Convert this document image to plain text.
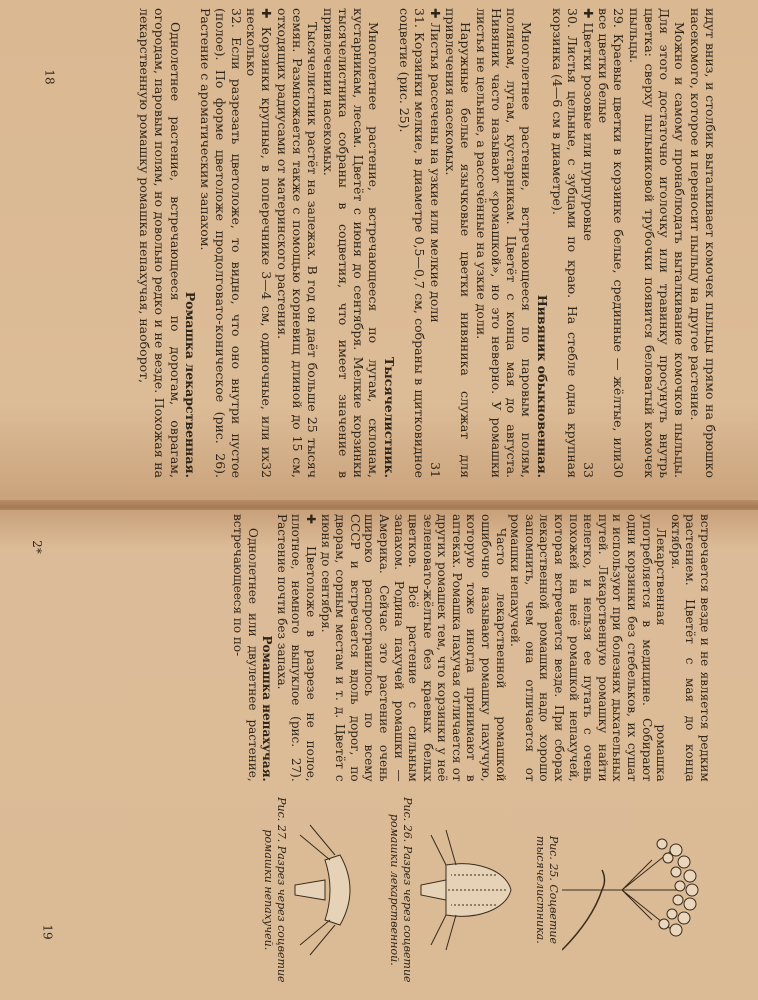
идут вниз, и столбик выталкивает комочек пыльцы прямо на брюшко насекомого, которое и переносит пыльцу на другое растение.

Можно и самому пронаблюдать выталкивание комочков пыльцы. Для этого достаточно иголочку или травинку просунуть внутрь цветка: сверху пыльниковой трубочки появится беловатый комочек пыльцы.

29. Краевые цветки в корзинке белые, срединные — жёлтые, или все цветки белые
30

✚ Цветки розовые или пурпуровые
33

30. Листья цельные, с зубцами по краю. На стебле одна крупная корзинка (4—6 см в диаметре).

Нивяник обыкновенная.

Многолетнее растение, встречающееся по паровым полям, полянам, лугам, кустарникам. Цветёт с конца мая до августа. Нивяник часто называют «ромашкой», но это неверно. У ромашки листья не цельные, а рассечённые на узкие доли.

Наружные белые язычковые цветки нивяника служат для привлечения насекомых.

✚ Листья рассечены на узкие или мелкие доли
31

31. Корзинки мелкие, в диаметре 0,5—0,7 см, собраны в щитковидное соцветие (рис. 25).

Тысячелистник.

Многолетнее растение, встречающееся по лугам, склонам, кустарникам, лесам. Цветёт с июня до сентября. Мелкие корзинки тысячелистника собраны в соцветия, что имеет значение в привлечении насекомых.

Тысячелистник растёт на залежах. В год он даёт больше 25 тысяч семян. Размножается также с помощью корневищ длиной до 15 см, отходящих радиусами от материнского растения.

✚ Корзинки крупные, в поперечнике 3—4 см, одиночные, или их несколько
32

32. Если разрезать цветоложе, то видно, что оно внутри пустое (полое). По форме цветоложе продолговато-коническое (рис. 26). Растение с ароматическим запахом.

Ромашка лекарственная.

Однолетнее растение, встречающееся по дорогам, оврагам, огородам, паровым полям, но довольно редко и не везде. Похожая на лекарственную ромашку ромашка непахучая, наоборот,

18

встречается везде и не является редким растением. Цветёт с мая до конца октября.

Лекарственная ромашка употребляется в медицине. Собирают одни корзинки без стебельков, их сушат и используют при болезнях дыхательных путей. Лекарственную ромашку найти нелегко, и нельзя ее путать с очень похожей на неё ромашкой непахучей, которая встречается везде. При сборах лекарственной ромашки надо хорошо запомнить, чем она отличается от ромашки непахучей.

Часто лекарственной ромашкой ошибочно называют ромашку пахучую, которую тоже иногда принимают в аптеках. Ромашка пахучая отличается от других ромашек тем, что корзинки у неё зеленовато-жёлтые без краевых белых цветков. Всё растение с сильным запахом. Родина пахучей ромашки — Америка. Сейчас это растение очень широко распространилось по всему СССР и встречается вдоль дорог, по дворам, сорным местам и т. д. Цветёт с июня до сентября.

✚ Цветоложе в разрезе не полое, плотное, немного выпуклое (рис. 27). Растение почти без запаха.

Ромашка непахучая.

Однолетнее или двулетнее растение, встречающееся по по-

Рис. 25. Соцветие тысячелистника.
Рис. 26. Разрез через соцветие ромашки лекарственной.
Рис. 27. Разрез через соцветие ромашки непахучей.
19
2*
